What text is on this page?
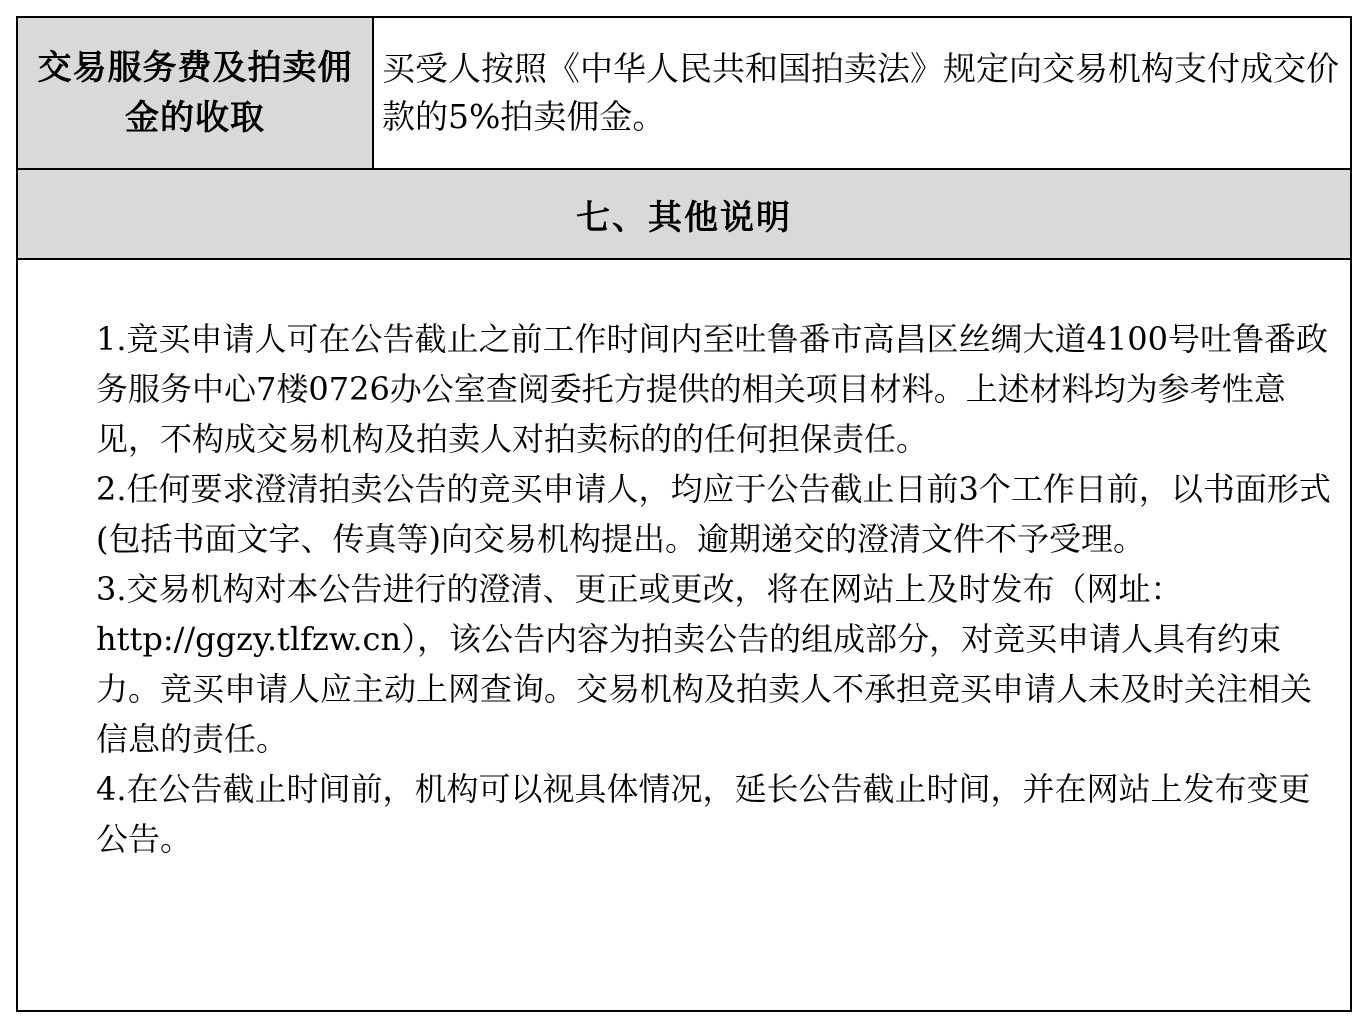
交易服务费及拍卖佣金的收取
买受人按照《中华人民共和国拍卖法》规定向交易机构支付成交价款的5%拍卖佣金。
七、其他说明

1.竞买申请人可在公告截止之前工作时间内至吐鲁番市高昌区丝绸大道4100号吐鲁番政务服务中心7楼0726办公室查阅委托方提供的相关项目材料。上述材料均为参考性意见，不构成交易机构及拍卖人对拍卖标的的任何担保责任。

2.任何要求澄清拍卖公告的竞买申请人，均应于公告截止日前3个工作日前，以书面形式(包括书面文字、传真等)向交易机构提出。逾期递交的澄清文件不予受理。

3.交易机构对本公告进行的澄清、更正或更改，将在网站上及时发布（网址：http://ggzy.tlfzw.cn），该公告内容为拍卖公告的组成部分，对竞买申请人具有约束力。竞买申请人应主动上网查询。交易机构及拍卖人不承担竞买申请人未及时关注相关信息的责任。

4.在公告截止时间前，机构可以视具体情况，延长公告截止时间，并在网站上发布变更公告。
